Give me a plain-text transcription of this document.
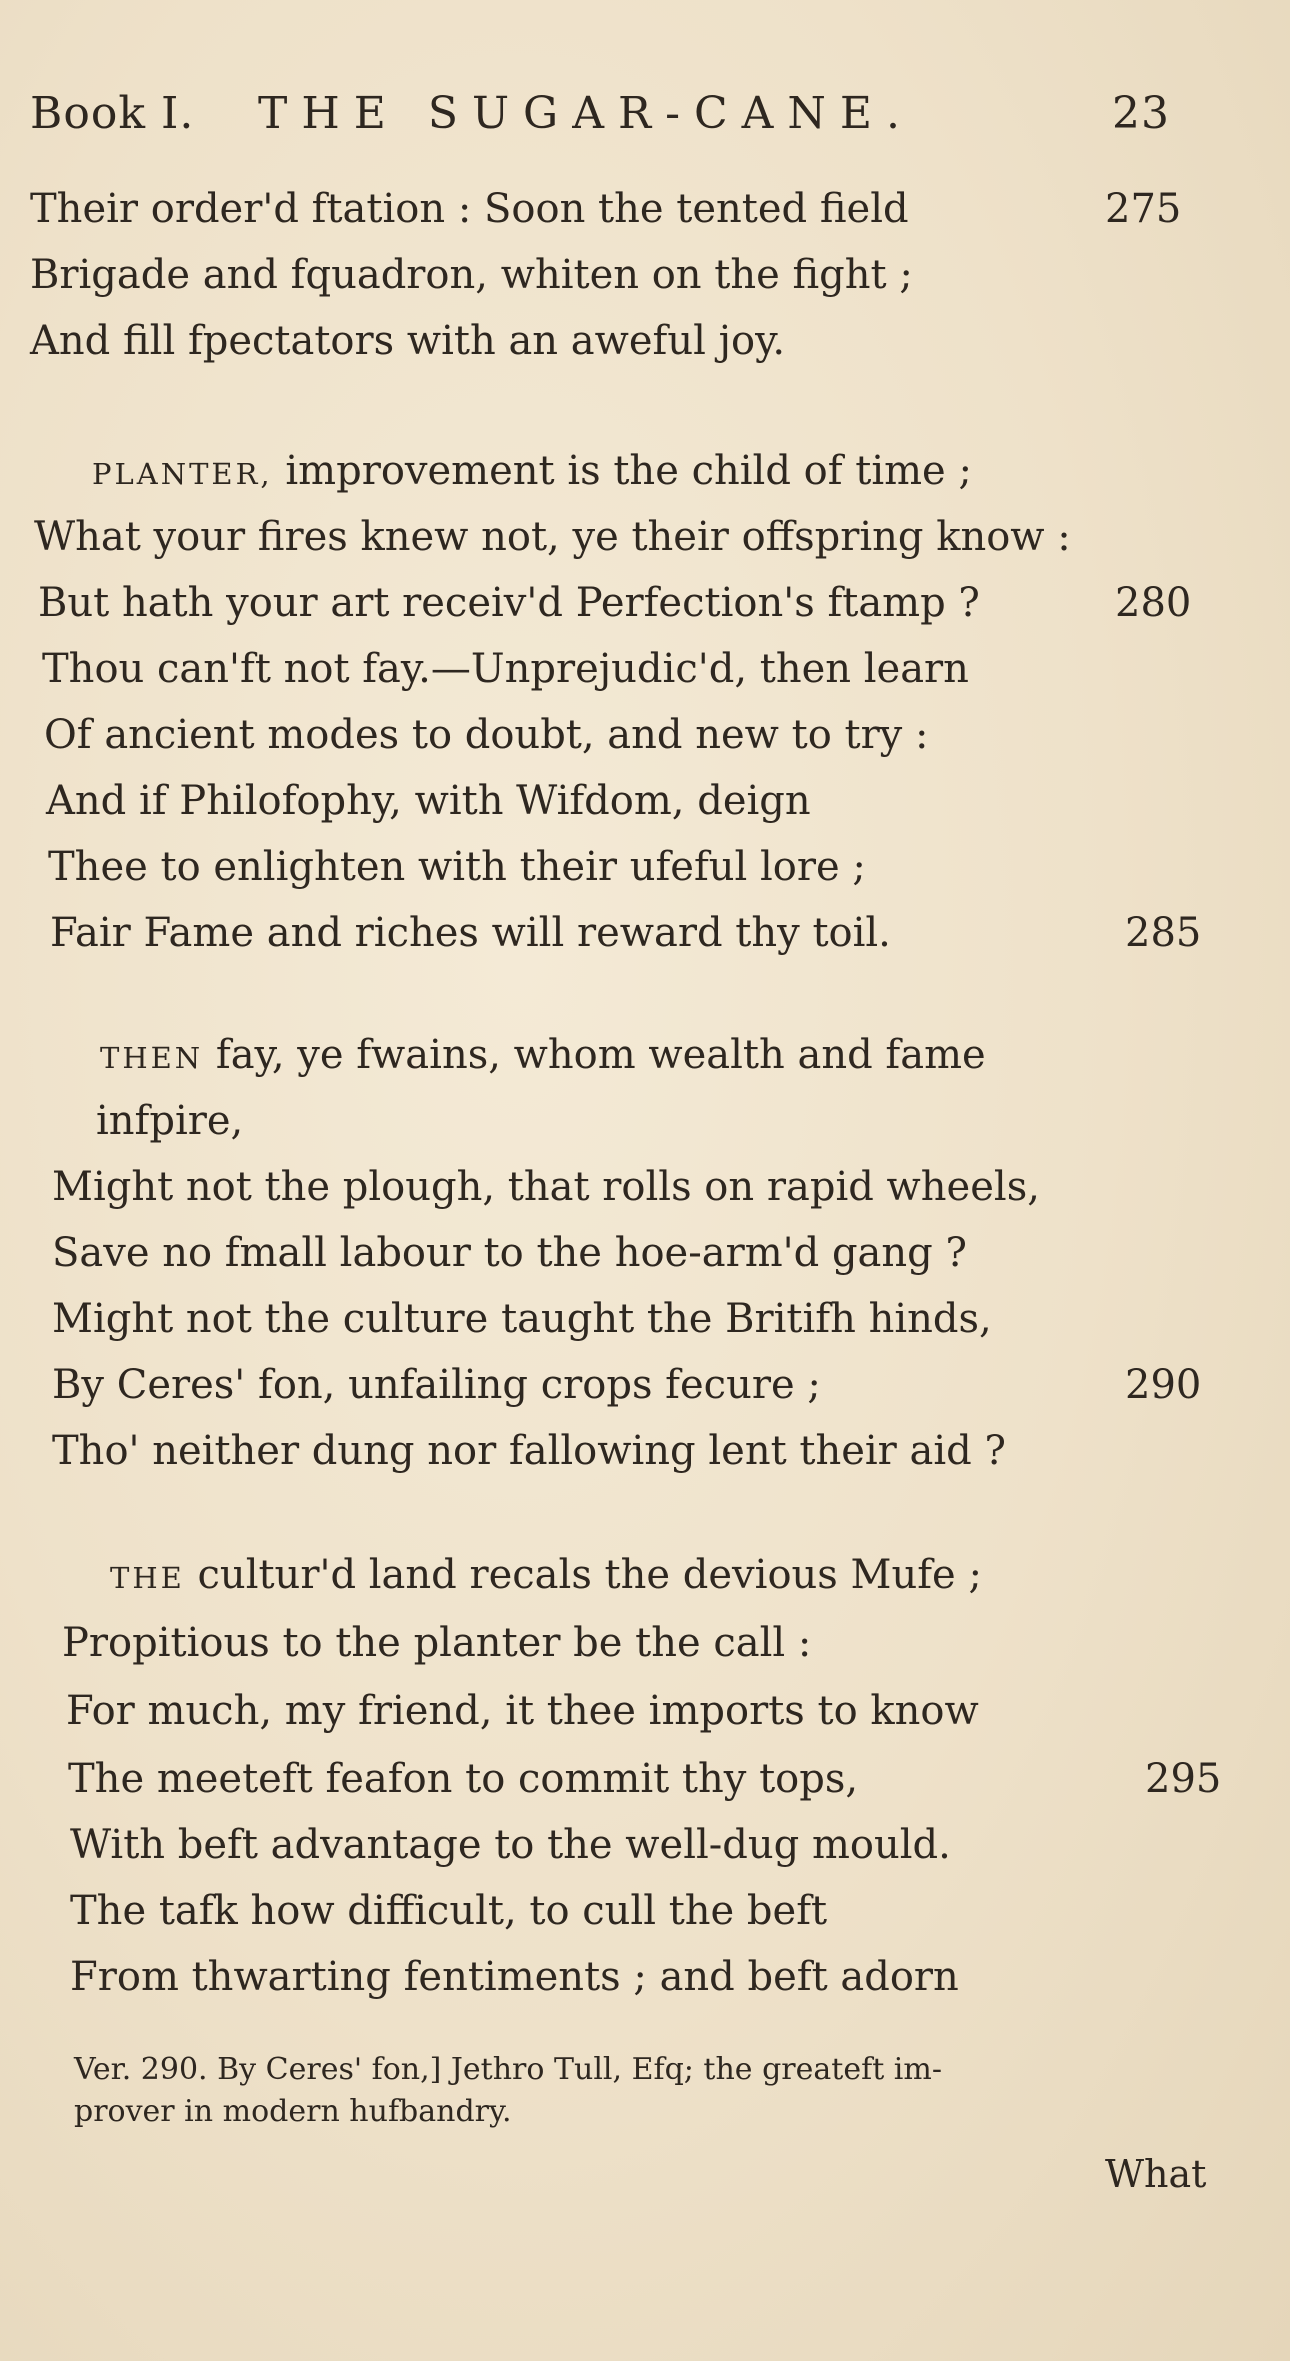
Book I. THE SUGAR-CANE.	23
Their order'd ftation : Soon the tented field	275
Brigade and fquadron, whiten on the fight ;
And fill fpectators with an aweful joy.
PLANTER, improvement is the child of time ;
What your fires knew not, ye their offspring know :
But hath your art receiv'd Perfection's ftamp ?	280
Thou can'ft not fay.—Unprejudic'd, then learn
Of ancient modes to doubt, and new to try :
And if Philofophy, with Wifdom, deign
Thee to enlighten with their ufeful lore ;
Fair Fame and riches will reward thy toil.	285
THEN fay, ye fwains, whom wealth and fame
infpire,
Might not the plough, that rolls on rapid wheels,
Save no fmall labour to the hoe-arm'd gang ?
Might not the culture taught the Britifh hinds,
By Ceres' fon, unfailing crops fecure ;	290
Tho' neither dung nor fallowing lent their aid ?
THE cultur'd land recals the devious Mufe ;
Propitious to the planter be the call :
For much, my friend, it thee imports to know
The meeteft feafon to commit thy tops,	295
With beft advantage to the well-dug mould.
The tafk how difficult, to cull the beft
From thwarting fentiments ; and beft adorn
Ver. 290. By Ceres' fon,] Jethro Tull, Efq; the greateft im-
prover in modern hufbandry.
What
